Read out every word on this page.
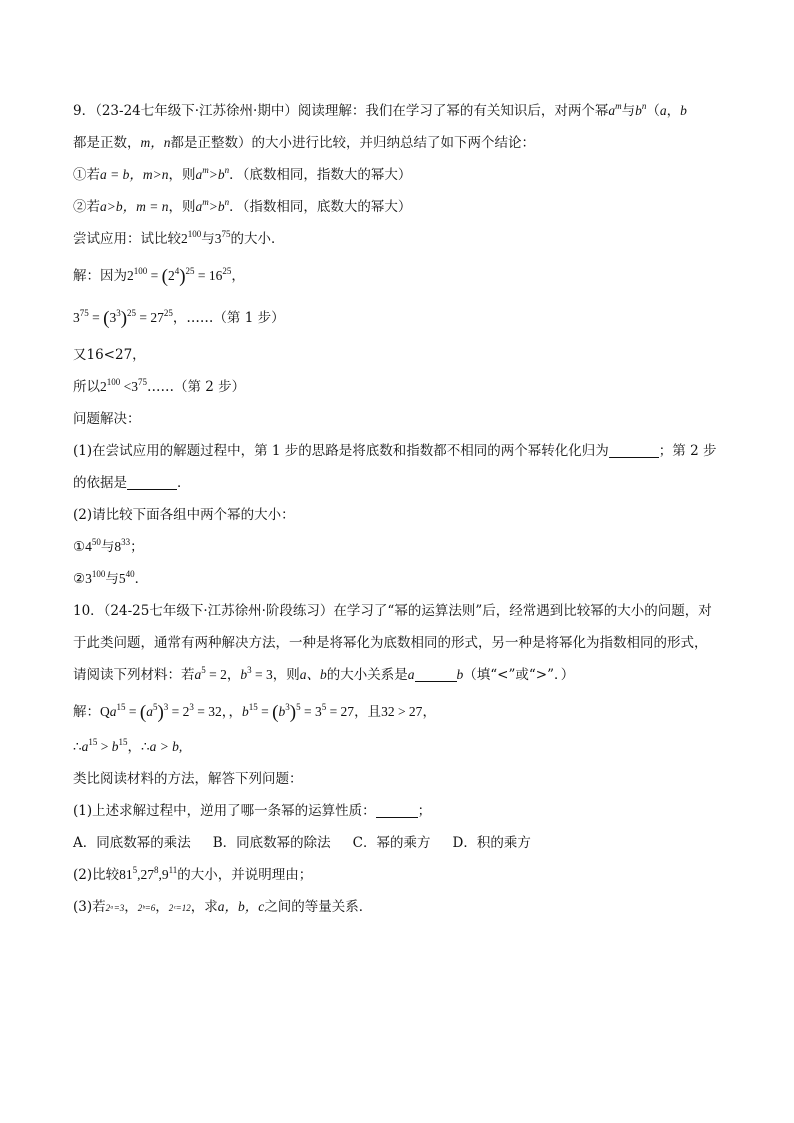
9．（23-24七年级下·江苏徐州·期中）阅读理解：我们在学习了幂的有关知识后，对两个幂$a^m$与$b^n(a$，b
都是正数，m，n都是正整数）的大小进行比较，并归纳总结了如下两个结论：
①若a = b，m>n，则$a^m>b^n$．（底数相同，指数大的幂大）
②若a>b，m = n，则$a^m>b^n$．（指数相同，底数大的幂大）
尝试应用：试比较$2^{100}$与$3^{75}$的大小．
解：因为$2^{100} = (2^4)^{25} = 16^{25}$，
$3^{75} = (3^3)^{25} = 27^{25}$，……（第 1 步）
又16<27，
所以$2^{100}$ $<3^{75}\dots\dots$（第 2 步）
问题解决：
(1)在尝试应用的解题过程中，第 1 步的思路是将底数和指数都不相同的两个幂转化化归为	；第 2 步
的依据是	．
(2)请比较下面各组中两个幂的大小：
$①4^{50}$与$8^{33}$；
$②3^{100}$与$5^{40}$．
10．（24-25七年级下·江苏徐州·阶段练习）在学习了“幂的运算法则”后，经常遇到比较幂的大小的问题，对
于此类问题，通常有两种解决方法，一种是将幂化为底数相同的形式，另一种是将幂化为指数相同的形式，
请阅读下列材料：若$a^5 = 2$，$b^3 = 3$，则a、b的大小关系是a	b（填“<”或“>”．）
解：$Qa^{15} = (a^5)^3 = 2^3 = 32$，，$b^{15} = (b^3)^5 = 3^5 = 27$，且32 > 27，
$\therefore a^{15} > b^{15}$，∴a > b,
类比阅读材料的方法，解答下列问题：
(1)上述求解过程中，逆用了哪一条幂的运算性质：	；
A．同底数幂的乘法 B．同底数幂的除法 C．幂的乘方 D．积的乘方
(2)比较$81^5,27^8,9^{11}$的大小，并说明理由；
(3)若2ᵃ=3，2ᵇ=6，2ᶜ=12，求a，b，c之间的等量关系．
